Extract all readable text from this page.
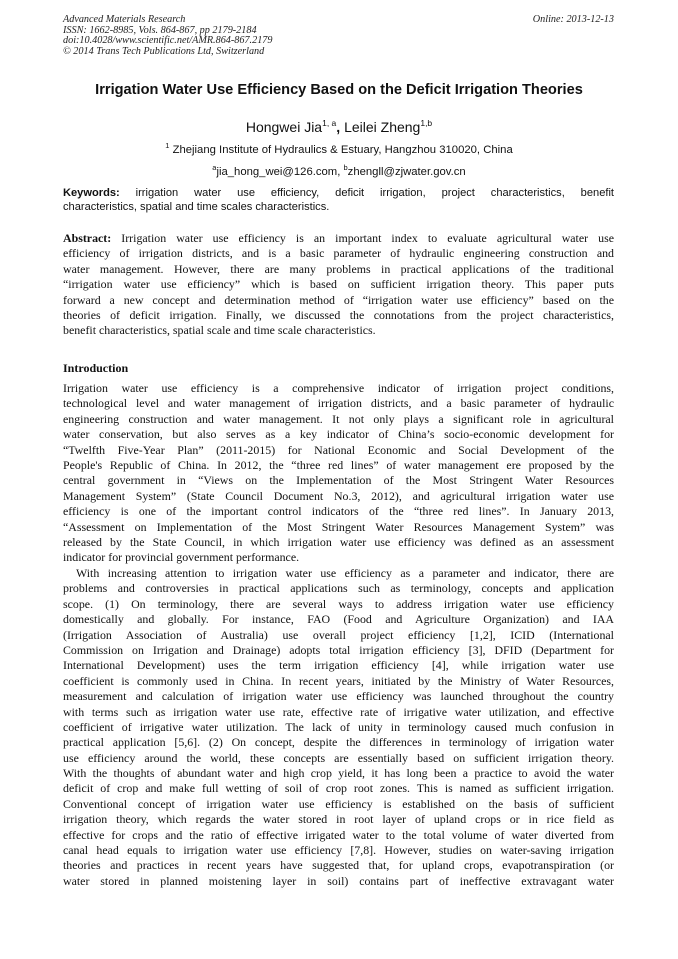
Advanced Materials Research
ISSN: 1662-8985, Vols. 864-867, pp 2179-2184
doi:10.4028/www.scientific.net/AMR.864-867.2179
© 2014 Trans Tech Publications Ltd, Switzerland
Online: 2013-12-13
Irrigation Water Use Efficiency Based on the Deficit Irrigation Theories
Hongwei Jia$^{1, a}$, Leilei Zheng$^{1,b}$
$^1$ Zhejiang Institute of Hydraulics & Estuary, Hangzhou 310020, China
$^a$jia_hong_wei@126.com, $^b$zhengll@zjwater.gov.cn
Keywords: irrigation water use efficiency, deficit irrigation, project characteristics, benefit
characteristics, spatial and time scales characteristics.
Abstract: Irrigation water use efficiency is an important index to evaluate agricultural water use
efficiency of irrigation districts, and is a basic parameter of hydraulic engineering construction and
water management. However, there are many problems in practical applications of the traditional
“irrigation water use efficiency” which is based on sufficient irrigation theory. This paper puts
forward a new concept and determination method of “irrigation water use efficiency” based on the
theories of deficit irrigation. Finally, we discussed the connotations from the project characteristics,
benefit characteristics, spatial scale and time scale characteristics.
Introduction
Irrigation water use efficiency is a comprehensive indicator of irrigation project conditions,
technological level and water management of irrigation districts, and a basic parameter of hydraulic
engineering construction and water management. It not only plays a significant role in agricultural
water conservation, but also serves as a key indicator of China’s socio-economic development for
“Twelfth Five-Year Plan” (2011-2015) for National Economic and Social Development of the
People's Republic of China. In 2012, the “three red lines” of water management ere proposed by the
central government in “Views on the Implementation of the Most Stringent Water Resources
Management System” (State Council Document No.3, 2012), and agricultural irrigation water use
efficiency is one of the important control indicators of the “three red lines”. In January 2013,
“Assessment on Implementation of the Most Stringent Water Resources Management System” was
released by the State Council, in which irrigation water use efficiency was defined as an assessment
indicator for provincial government performance.
With increasing attention to irrigation water use efficiency as a parameter and indicator, there are
problems and controversies in practical applications such as terminology, concepts and application
scope. (1) On terminology, there are several ways to address irrigation water use efficiency
domestically and globally. For instance, FAO (Food and Agriculture Organization) and IAA
(Irrigation Association of Australia) use overall project efficiency [1,2], ICID (International
Commission on Irrigation and Drainage) adopts total irrigation efficiency [3], DFID (Department for
International Development) uses the term irrigation efficiency [4], while irrigation water use
coefficient is commonly used in China. In recent years, initiated by the Ministry of Water Resources,
measurement and calculation of irrigation water use efficiency was launched throughout the country
with terms such as irrigation water use rate, effective rate of irrigative water utilization, and effective
coefficient of irrigative water utilization. The lack of unity in terminology caused much confusion in
practical application [5,6]. (2) On concept, despite the differences in terminology of irrigation water
use efficiency around the world, these concepts are essentially based on sufficient irrigation theory.
With the thoughts of abundant water and high crop yield, it has long been a practice to avoid the water
deficit of crop and make full wetting of soil of crop root zones. This is named as sufficient irrigation.
Conventional concept of irrigation water use efficiency is established on the basis of sufficient
irrigation theory, which regards the water stored in root layer of upland crops or in rice field as
effective for crops and the ratio of effective irrigated water to the total volume of water diverted from
canal head equals to irrigation water use efficiency [7,8]. However, studies on water-saving irrigation
theories and practices in recent years have suggested that, for upland crops, evapotranspiration (or
water stored in planned moistening layer in soil) contains part of ineffective extravagant water
